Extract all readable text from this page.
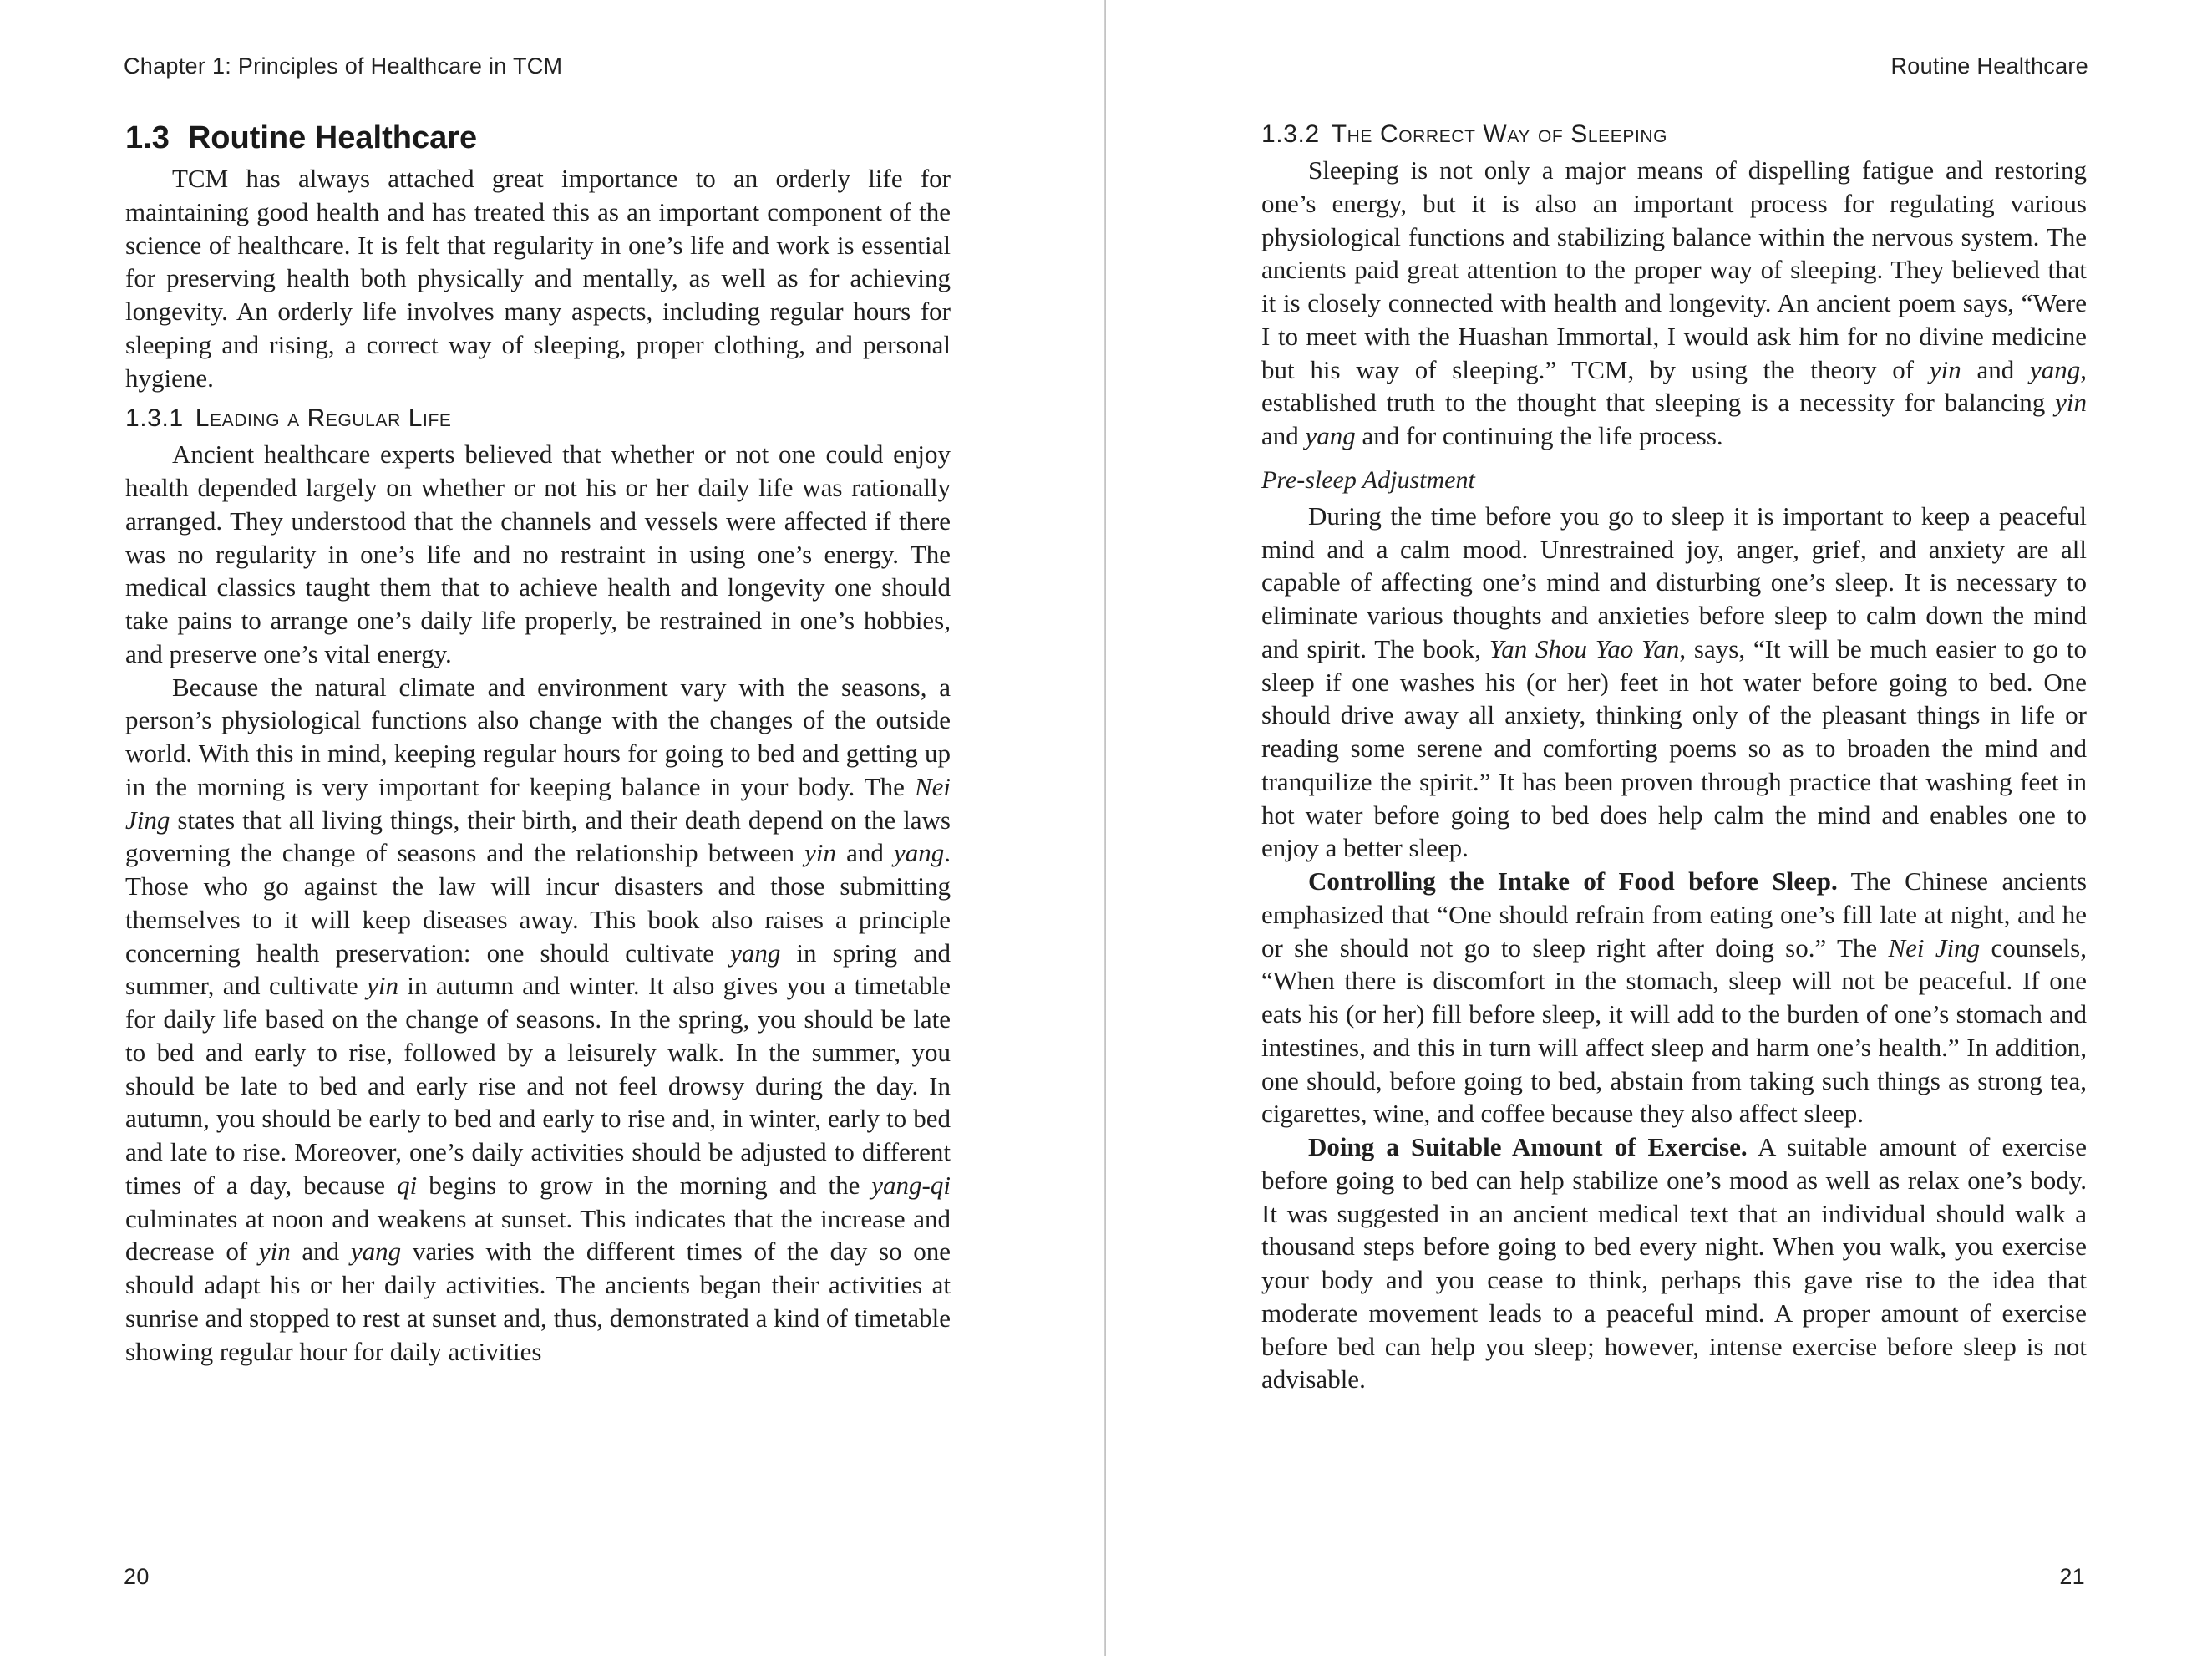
Chapter 1: Principles of Healthcare in TCM
1.3 Routine Healthcare

TCM has always attached great importance to an orderly life for maintaining good health and has treated this as an important component of the science of healthcare. It is felt that regularity in one’s life and work is essential for preserving health both physically and mentally, as well as for achieving longevity. An orderly life involves many aspects, including regular hours for sleeping and rising, a correct way of sleeping, proper clothing, and personal hygiene.

1.3.1 Leading a Regular Life

Ancient healthcare experts believed that whether or not one could enjoy health depended largely on whether or not his or her daily life was rationally arranged. They understood that the channels and vessels were affected if there was no regularity in one’s life and no restraint in using one’s energy. The medical classics taught them that to achieve health and longevity one should take pains to arrange one’s daily life properly, be restrained in one’s hobbies, and preserve one’s vital energy.

Because the natural climate and environment vary with the seasons, a person’s physiological functions also change with the changes of the outside world. With this in mind, keeping regular hours for going to bed and getting up in the morning is very important for keeping balance in your body. The Nei Jing states that all living things, their birth, and their death depend on the laws governing the change of seasons and the relationship between yin and yang. Those who go against the law will incur disasters and those submitting themselves to it will keep diseases away. This book also raises a principle concerning health preservation: one should cultivate yang in spring and summer, and cultivate yin in autumn and winter. It also gives you a timetable for daily life based on the change of seasons. In the spring, you should be late to bed and early to rise, followed by a leisurely walk. In the summer, you should be late to bed and early rise and not feel drowsy during the day. In autumn, you should be early to bed and early to rise and, in winter, early to bed and late to rise. Moreover, one’s daily activities should be adjusted to different times of a day, because qi begins to grow in the morning and the yang-qi culminates at noon and weakens at sunset. This indicates that the increase and decrease of yin and yang varies with the different times of the day so one should adapt his or her daily activities. The ancients began their activities at sunrise and stopped to rest at sunset and, thus, demonstrated a kind of timetable showing regular hour for daily activities

20
Routine Healthcare
1.3.2 The Correct Way of Sleeping

Sleeping is not only a major means of dispelling fatigue and restoring one’s energy, but it is also an important process for regulating various physiological functions and stabilizing balance within the nervous system. The ancients paid great attention to the proper way of sleeping. They believed that it is closely connected with health and longevity. An ancient poem says, “Were I to meet with the Huashan Immortal, I would ask him for no divine medicine but his way of sleeping.” TCM, by using the theory of yin and yang, established truth to the thought that sleeping is a necessity for balancing yin and yang and for continuing the life process.

Pre-sleep Adjustment

During the time before you go to sleep it is important to keep a peaceful mind and a calm mood. Unrestrained joy, anger, grief, and anxiety are all capable of affecting one’s mind and disturbing one’s sleep. It is necessary to eliminate various thoughts and anxieties before sleep to calm down the mind and spirit. The book, Yan Shou Yao Yan, says, “It will be much easier to go to sleep if one washes his (or her) feet in hot water before going to bed. One should drive away all anxiety, thinking only of the pleasant things in life or reading some serene and comforting poems so as to broaden the mind and tranquilize the spirit.” It has been proven through practice that washing feet in hot water before going to bed does help calm the mind and enables one to enjoy a better sleep.

Controlling the Intake of Food before Sleep. The Chinese ancients emphasized that “One should refrain from eating one’s fill late at night, and he or she should not go to sleep right after doing so.” The Nei Jing counsels, “When there is discomfort in the stomach, sleep will not be peaceful. If one eats his (or her) fill before sleep, it will add to the burden of one’s stomach and intestines, and this in turn will affect sleep and harm one’s health.” In addition, one should, before going to bed, abstain from taking such things as strong tea, cigarettes, wine, and coffee because they also affect sleep.

Doing a Suitable Amount of Exercise. A suitable amount of exercise before going to bed can help stabilize one’s mood as well as relax one’s body. It was suggested in an ancient medical text that an individual should walk a thousand steps before going to bed every night. When you walk, you exercise your body and you cease to think, perhaps this gave rise to the idea that moderate movement leads to a peaceful mind. A proper amount of exercise before bed can help you sleep; however, intense exercise before sleep is not advisable.

21
